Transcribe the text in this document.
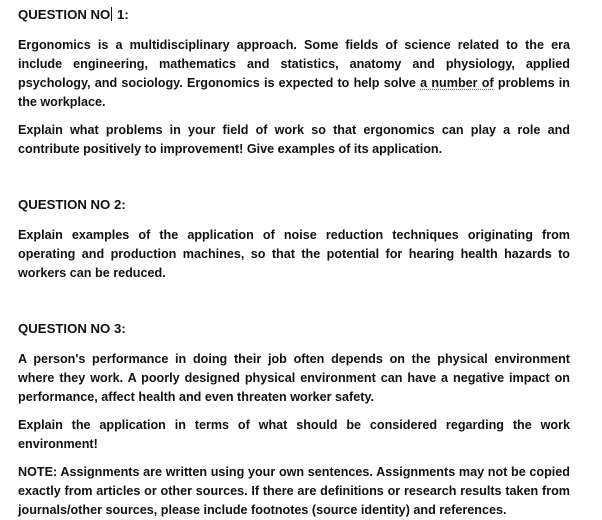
QUESTION NO 1:

Ergonomics is a multidisciplinary approach. Some fields of science related to the era include engineering, mathematics and statistics, anatomy and physiology, applied psychology, and sociology. Ergonomics is expected to help solve a number of problems in the workplace.

Explain what problems in your field of work so that ergonomics can play a role and contribute positively to improvement! Give examples of its application.

QUESTION NO 2:

Explain examples of the application of noise reduction techniques originating from operating and production machines, so that the potential for hearing health hazards to workers can be reduced.

QUESTION NO 3:

A person's performance in doing their job often depends on the physical environment where they work. A poorly designed physical environment can have a negative impact on performance, affect health and even threaten worker safety.

Explain the application in terms of what should be considered regarding the work environment!

NOTE: Assignments are written using your own sentences. Assignments may not be copied exactly from articles or other sources. If there are definitions or research results taken from journals/other sources, please include footnotes (source identity) and references.
